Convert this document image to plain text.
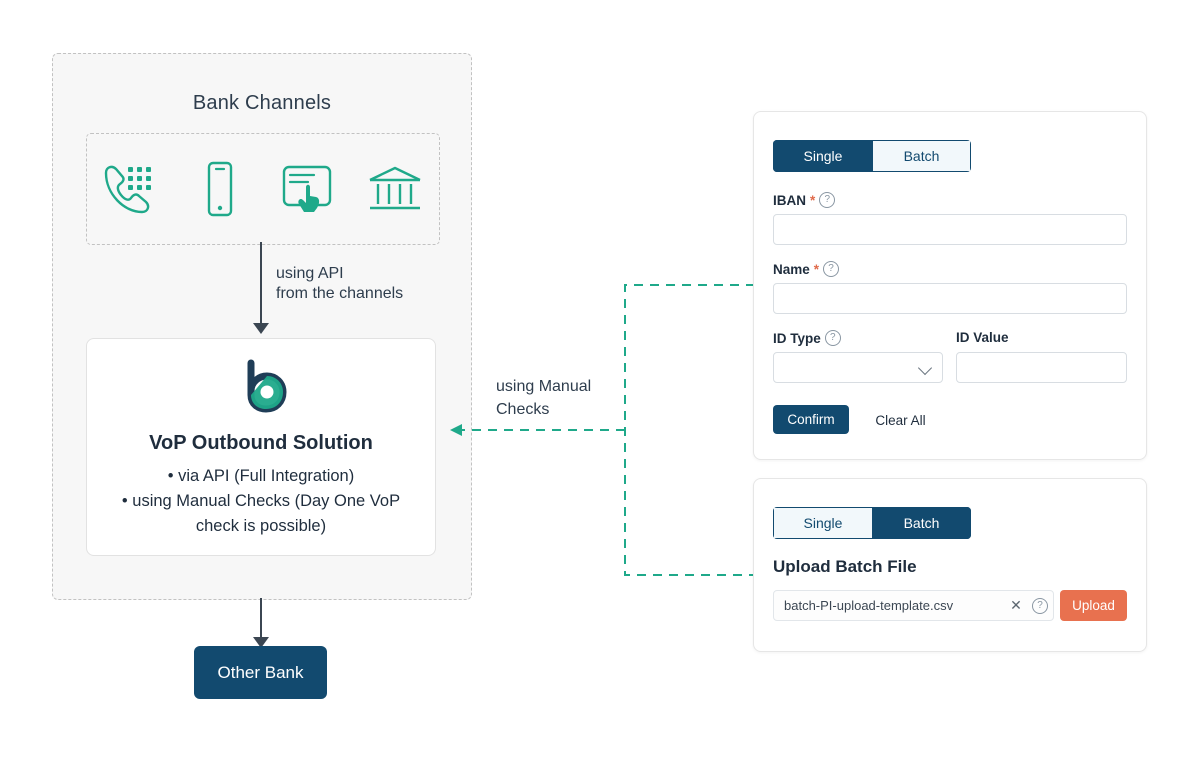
Bank Channels
using API
from the channels
VoP Outbound Solution
• via API (Full Integration)
• using Manual Checks (Day One VoP
check is possible)
Other Bank
using Manual
Checks
Single	Batch
IBAN * ?
Name * ?
ID Type ?	ID Value
Confirm	Clear All
Single	Batch
Upload Batch File
batch-PI-upload-template.csv	✕	?	Upload
